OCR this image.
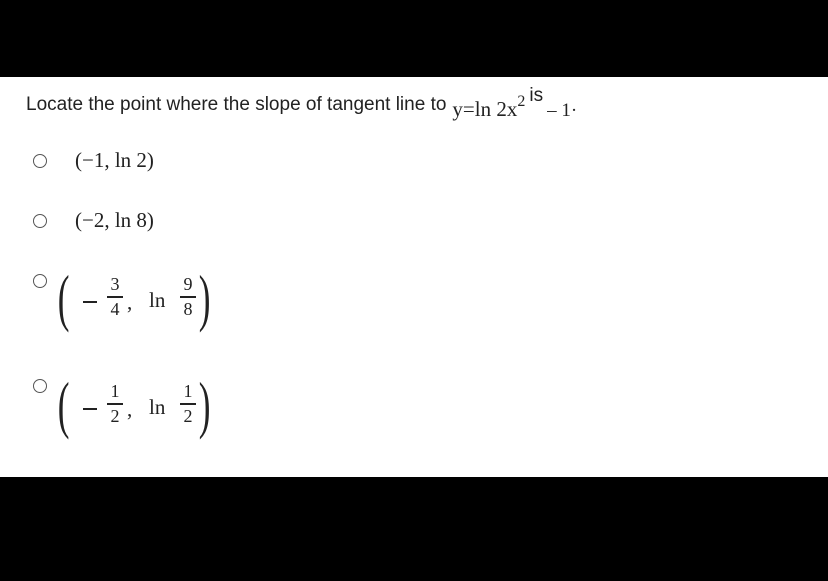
Locate the point where the slope of tangent line to y=ln $2x^2$ is– 1·
(−1, ln 2)
(−2, ln 8)
( 3
4 , ln
9
8 )
( 1
2 , ln
1
2 )
